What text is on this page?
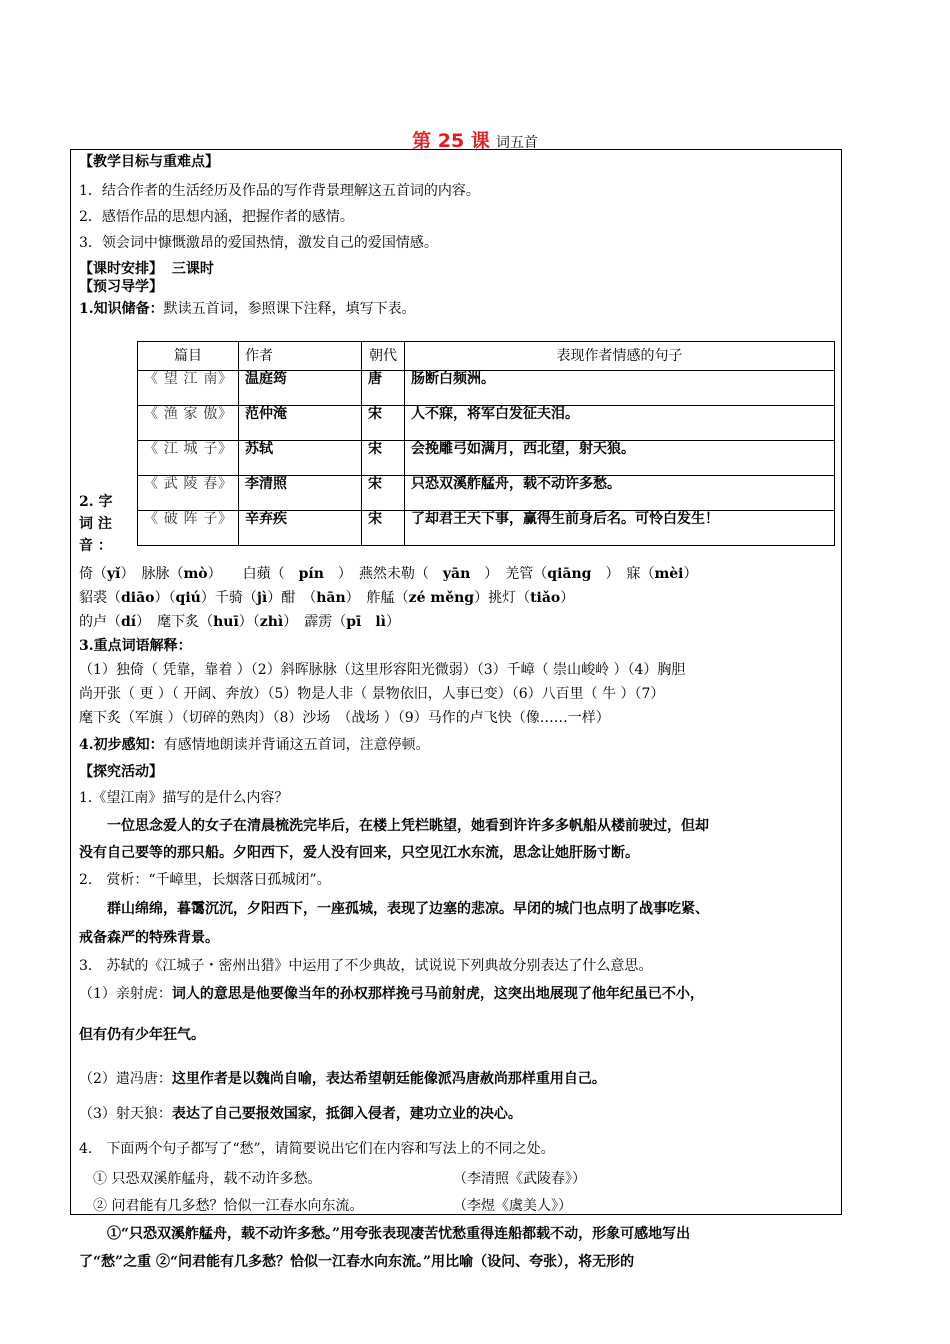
第 25 课 词五首
【教学目标与重难点】
1．结合作者的生活经历及作品的写作背景理解这五首词的内容。
2．感悟作品的思想内涵，把握作者的感情。
3．领会词中慷慨激昂的爱国热情，激发自己的爱国情感。
【课时安排】 三课时
【预习导学】
1.知识储备：默读五首词，参照课下注释，填写下表。
篇目	作者	朝代	表现作者情感的句子
《 望 江 南》	温庭筠	唐	肠断白频洲。
《 渔 家 傲》	范仲淹	宋	人不寐，将军白发征夫泪。
《 江 城 子》	苏轼	宋	会挽雕弓如满月，西北望，射天狼。
《 武 陵 春》	李清照	宋	只恐双溪舴艋舟，载不动许多愁。
《 破 阵 子》	辛弃疾	宋	了却君王天下事，赢得生前身后名。可怜白发生！
2. 字 词 注 音 ：
倚（yǐ）　脉脉（mò）　　白蘋（　pín　）　燕然未勒（　yān　）　羌管（qiāng　）　寐（mèi）
貂裘（diāo）（qiú）千骑（jì）酣　（hān）　舴艋（zé měng）挑灯（tiǎo）
的卢（dí）　麾下炙（huī）（zhì）　霹雳（pī　lì）
3.重点词语解释：
（1）独倚（ 凭靠，靠着 ）（2）斜晖脉脉（这里形容阳光微弱）（3）千嶂（ 崇山峻岭 ）（4）胸胆
尚开张（ 更 ）（ 开阔、奔放）（5）物是人非（ 景物依旧，人事已变）（6）八百里（ 牛 ）（7）
麾下炙（军旗 ）（切碎的熟肉）（8）沙场　（战场 ）（9）马作的卢飞快（像……一样）
4.初步感知：有感情地朗读并背诵这五首词，注意停顿。
【探究活动】
1.《望江南》描写的是什么内容？
一位思念爱人的女子在清晨梳洗完毕后，在楼上凭栏眺望，她看到许许多多帆船从楼前驶过，但却
没有自己要等的那只船。夕阳西下，爱人没有回来，只空见江水东流，思念让她肝肠寸断。
2.　赏析：“千嶂里，长烟落日孤城闭”。
群山绵绵，暮霭沉沉，夕阳西下，一座孤城，表现了边塞的悲凉。早闭的城门也点明了战事吃紧、
戒备森严的特殊背景。
3.　苏轼的《江城子・密州出猎》中运用了不少典故，试说说下列典故分别表达了什么意思。
（1）亲射虎：词人的意思是他要像当年的孙权那样挽弓马前射虎，这突出地展现了他年纪虽已不小，
但有仍有少年狂气。
（2）遣冯唐：这里作者是以魏尚自喻，表达希望朝廷能像派冯唐赦尚那样重用自己。
（3）射天狼：表达了自己要报效国家，抵御入侵者，建功立业的决心。
4.　下面两个句子都写了“愁”，请简要说出它们在内容和写法上的不同之处。
① 只恐双溪舴艋舟，载不动许多愁。	（李清照《武陵春》）
② 问君能有几多愁？恰似一江春水向东流。	（李煜《虞美人》）
①“只恐双溪舴艋舟，载不动许多愁。”用夸张表现凄苦忧愁重得连船都载不动，形象可感地写出
了“愁”之重 ②“问君能有几多愁？恰似一江春水向东流。”用比喻（设问、夸张），将无形的
